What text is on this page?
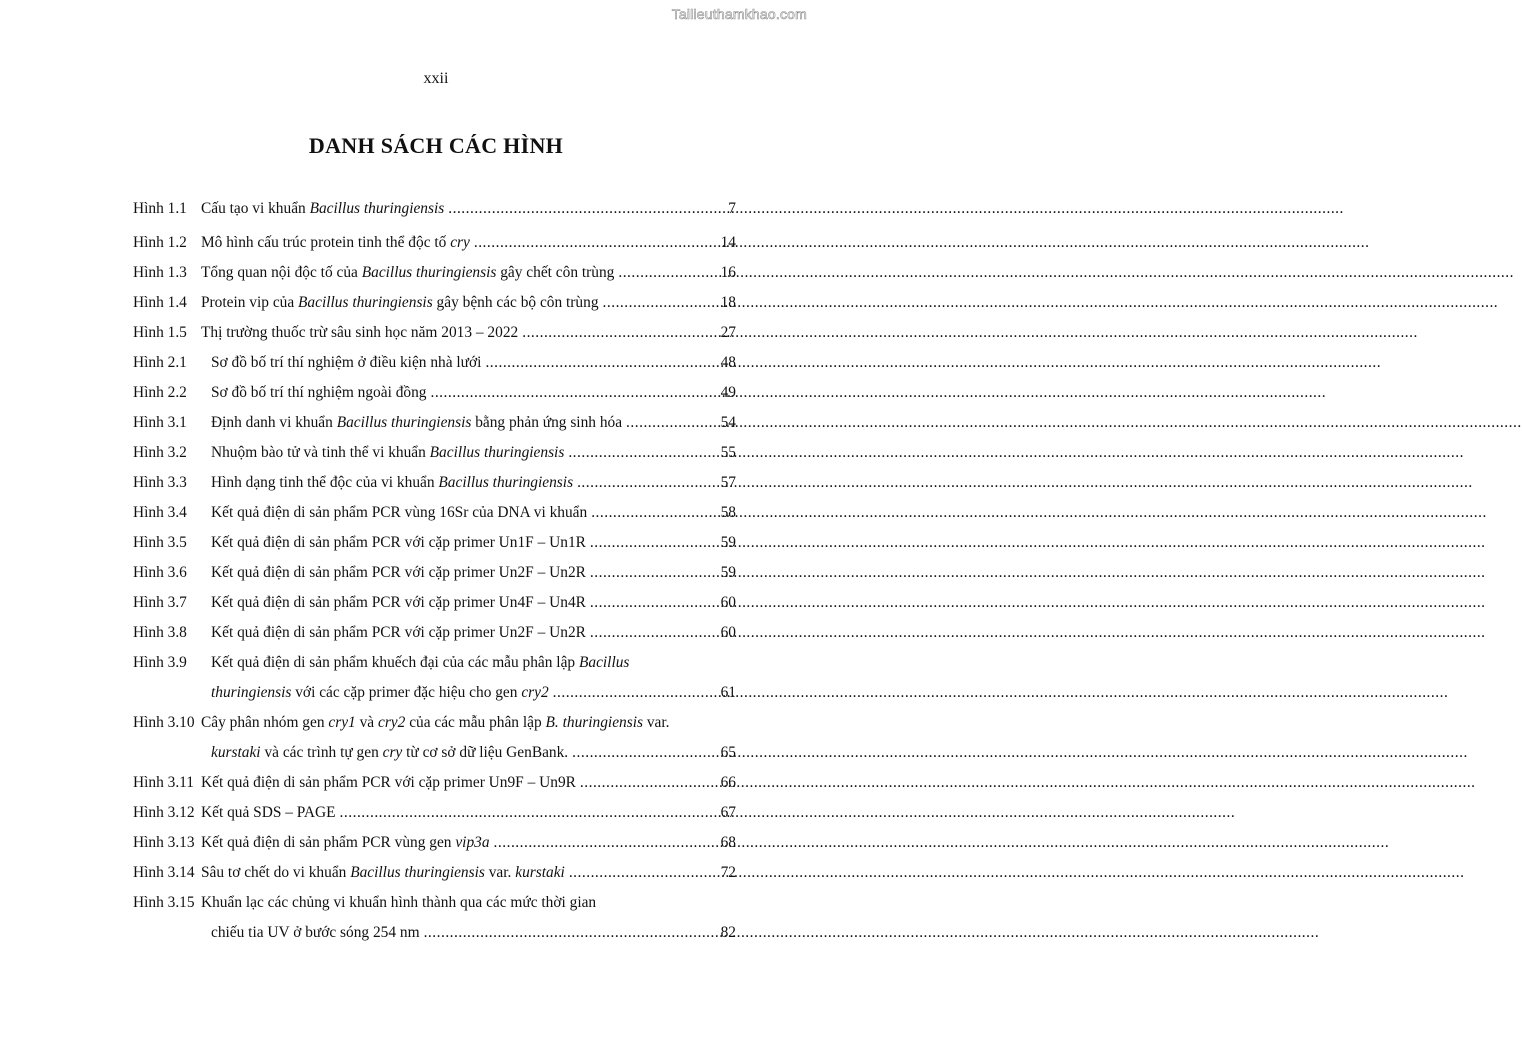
Tailieuthamkhao.com
xxii
DANH SÁCH CÁC HÌNH
Hình 1.1 Cấu tạo vi khuẩn Bacillus thuringiensis .....	7
Hình 1.2 Mô hình cấu trúc protein tinh thể độc tố cry .....	14
Hình 1.3 Tổng quan nội độc tố của Bacillus thuringiensis gây chết côn trùng .....	16
Hình 1.4 Protein vip của Bacillus thuringiensis gây bệnh các bộ côn trùng .....	18
Hình 1.5 Thị trường thuốc trừ sâu sinh học năm 2013 – 2022 .....	27
Hình 2.1	Sơ đồ bố trí thí nghiệm ở điều kiện nhà lưới .....	48
Hình 2.2	Sơ đồ bố trí thí nghiệm ngoài đồng .....	49
Hình 3.1	Định danh vi khuẩn Bacillus thuringiensis bằng phản ứng sinh hóa .....	54
Hình 3.2	Nhuộm bào tử và tinh thể vi khuẩn Bacillus thuringiensis .....	55
Hình 3.3	Hình dạng tinh thể độc của vi khuẩn Bacillus thuringiensis .....	57
Hình 3.4	Kết quả điện di sản phẩm PCR vùng 16Sr của DNA vi khuẩn .....	58
Hình 3.5	Kết quả điện di sản phẩm PCR với cặp primer Un1F – Un1R .....	59
Hình 3.6	Kết quả điện di sản phẩm PCR với cặp primer Un2F – Un2R .....	59
Hình 3.7	Kết quả điện di sản phẩm PCR với cặp primer Un4F – Un4R .....	60
Hình 3.8	Kết quả điện di sản phẩm PCR với cặp primer Un2F – Un2R .....	60
Hình 3.9	Kết quả điện di sản phẩm khuếch đại của các mẫu phân lập Bacillus
thuringiensis với các cặp primer đặc hiệu cho gen cry2 .....	61
Hình 3.10 Cây phân nhóm gen cry1 và cry2 của các mẫu phân lập B. thuringiensis var.
kurstaki và các trình tự gen cry từ cơ sở dữ liệu GenBank. .....	65
Hình 3.11 Kết quả điện di sản phẩm PCR với cặp primer Un9F – Un9R .....	66
Hình 3.12 Kết quả SDS – PAGE .....	67
Hình 3.13 Kết quả điện di sản phẩm PCR vùng gen vip3a .....	68
Hình 3.14 Sâu tơ chết do vi khuẩn Bacillus thuringiensis var. kurstaki .....	72
Hình 3.15 Khuẩn lạc các chủng vi khuẩn hình thành qua các mức thời gian
chiếu tia UV ở bước sóng 254 nm .....	82
